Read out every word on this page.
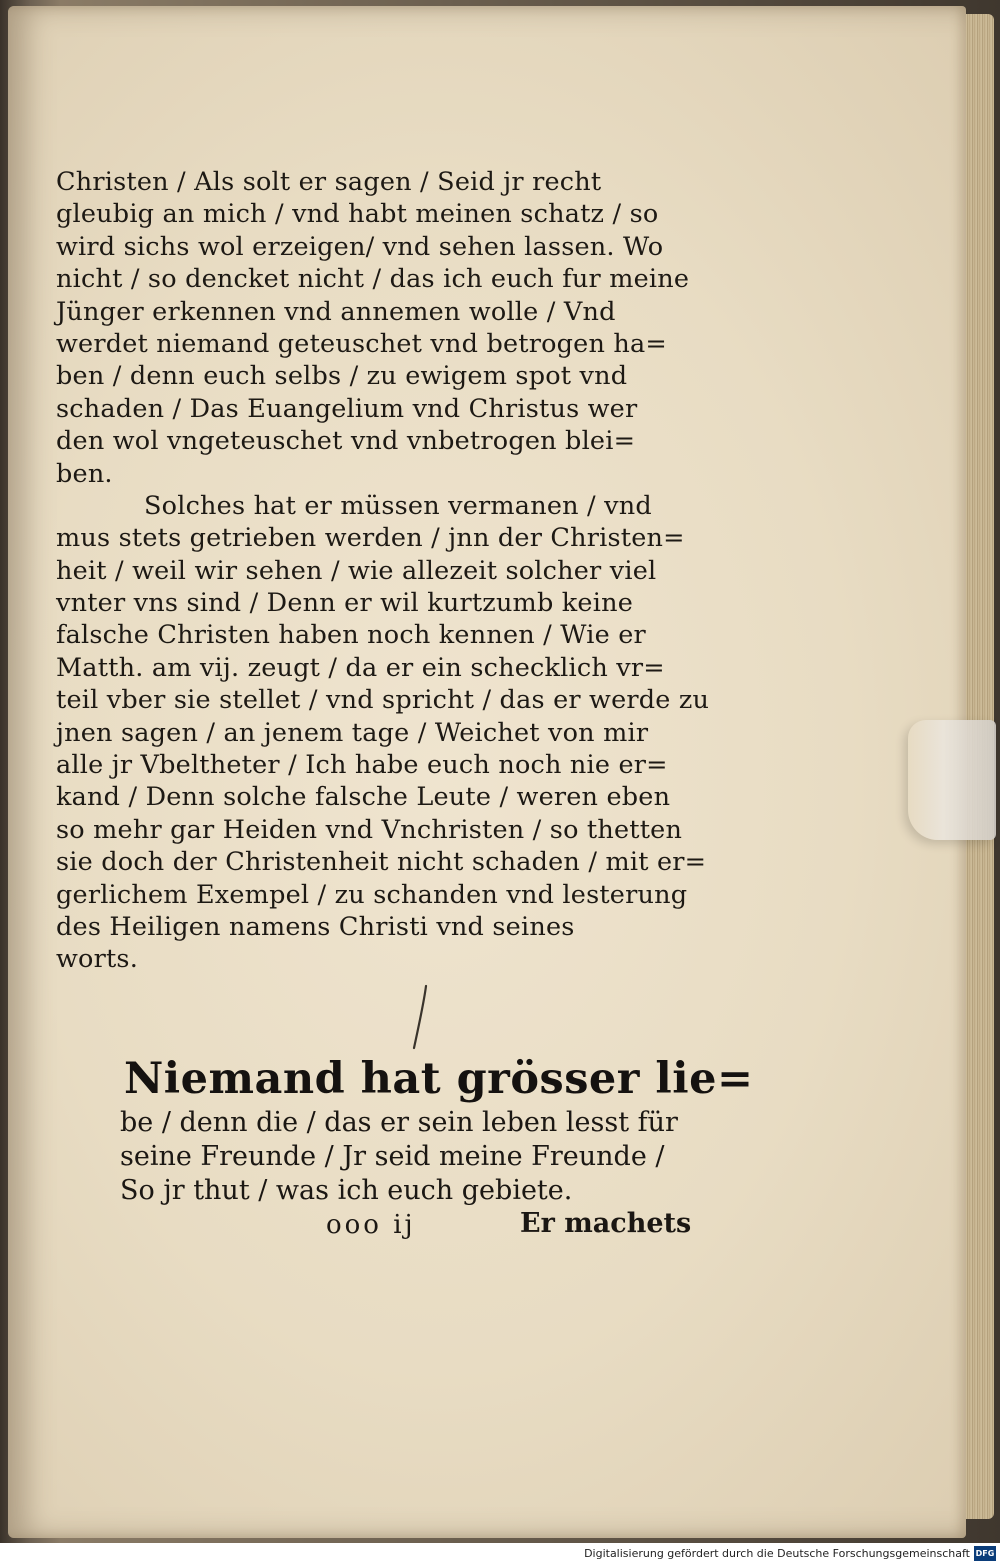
Christen / Als solt er sagen / Seid jr recht
gleubig an mich / vnd habt meinen schatz / so
wird sichs wol erzeigen/ vnd sehen lassen. Wo
nicht / so dencket nicht / das ich euch fur meine
Jünger erkennen vnd annemen wolle / Vnd
werdet niemand geteuschet vnd betrogen ha=
ben / denn euch selbs / zu ewigem spot vnd
schaden / Das Euangelium vnd Christus wer
den wol vngeteuschet vnd vnbetrogen blei=
ben.
Solches hat er müssen vermanen / vnd
mus stets getrieben werden / jnn der Christen=
heit / weil wir sehen / wie allezeit solcher viel
vnter vns sind / Denn er wil kurtzumb keine
falsche Christen haben noch kennen / Wie er
Matth. am vij. zeugt / da er ein schecklich vr=
teil vber sie stellet / vnd spricht / das er werde zu
jnen sagen / an jenem tage / Weichet von mir
alle jr Vbeltheter / Ich habe euch noch nie er=
kand / Denn solche falsche Leute / weren eben
so mehr gar Heiden vnd Vnchristen / so thetten
sie doch der Christenheit nicht schaden / mit er=
gerlichem Exempel / zu schanden vnd lesterung
des Heiligen namens Christi vnd seines
worts.
Niemand hat grösser lie=
be / denn die / das er sein leben lesst für
seine Freunde / Jr seid meine Freunde /
So jr thut / was ich euch gebiete.
ooo ij	Er machets
Digitalisierung gefördert durch die Deutsche Forschungsgemeinschaft DFG
